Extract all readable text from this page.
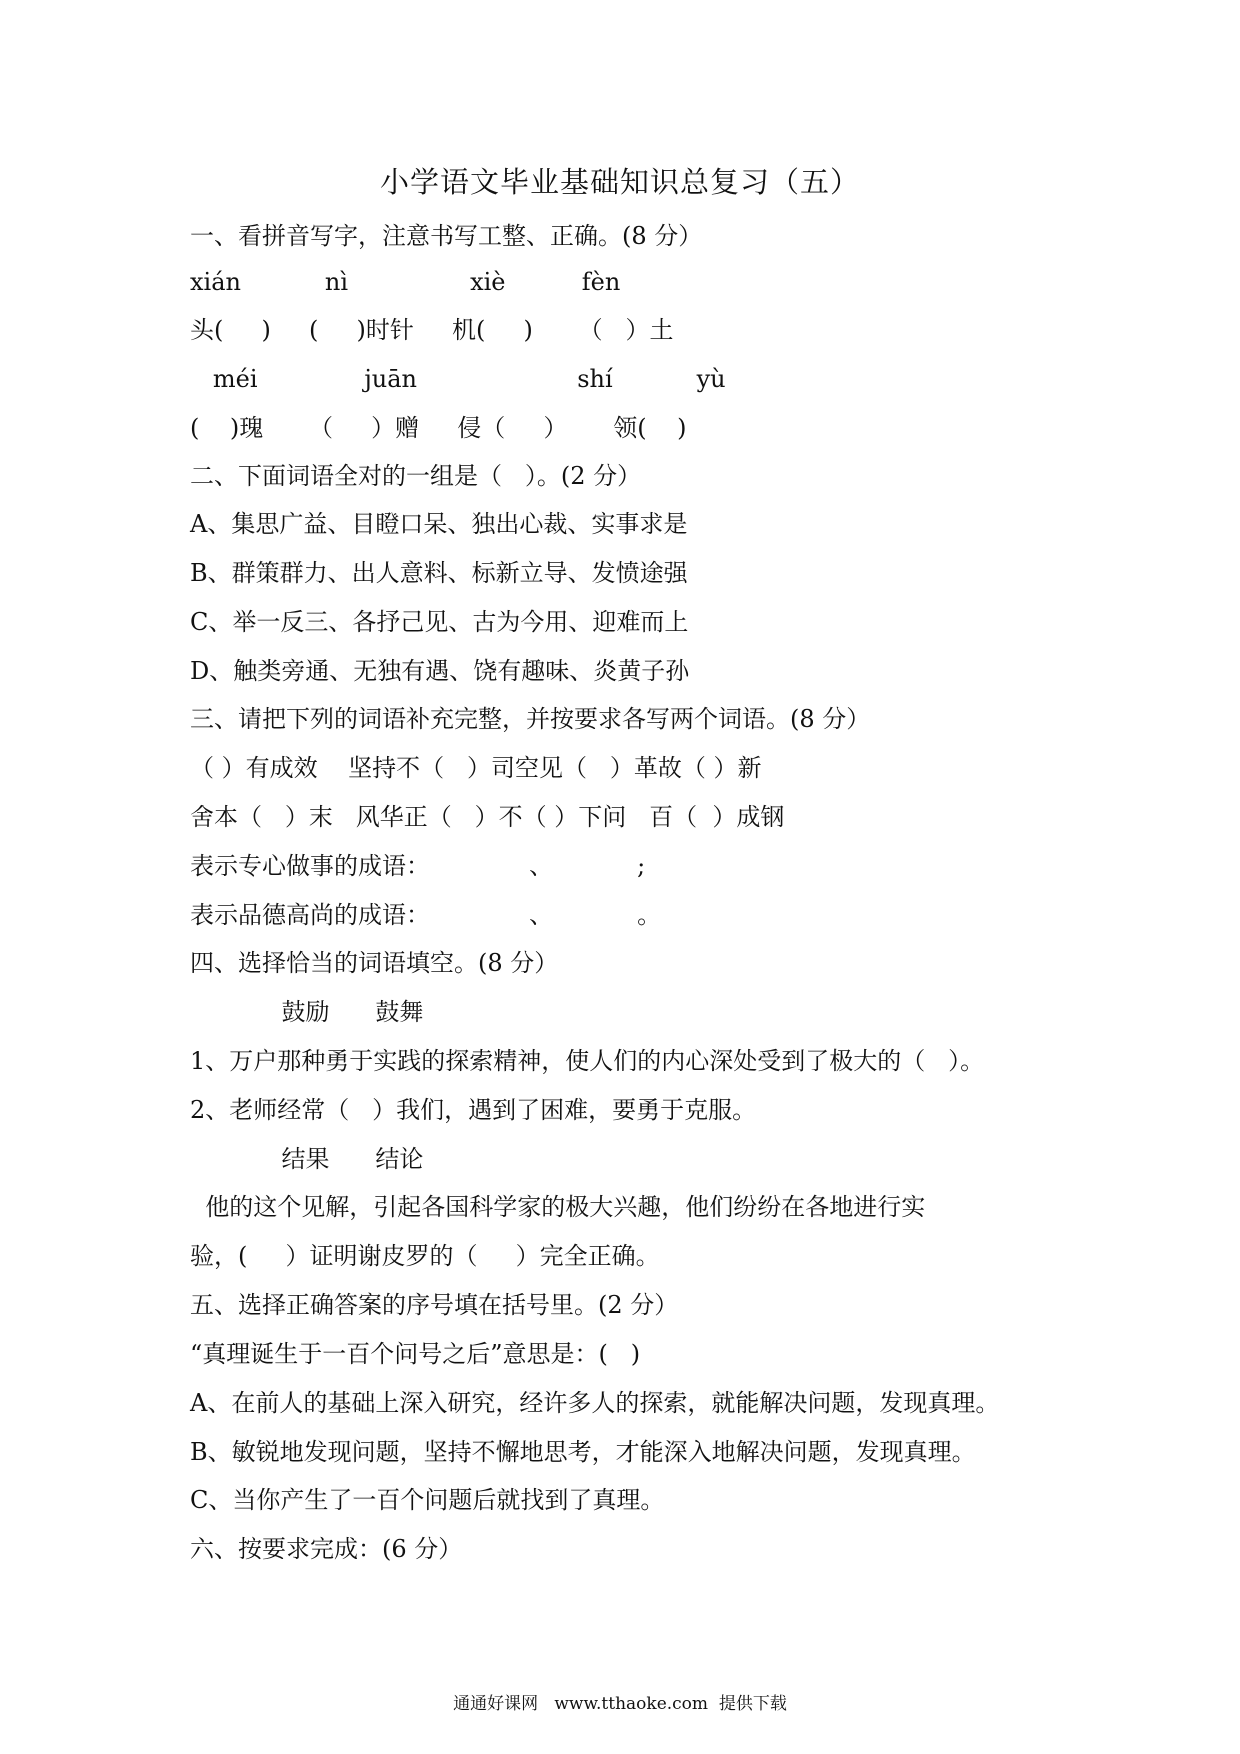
小学语文毕业基础知识总复习（五）
一、看拼音写字，注意书写工整、正确。(8 分）
xián           nì                xiè          fèn
头(     )     (     )时针     机(     )      （   ）土
méi              juān                     shí           yù
(    )瑰      （     ）赠     侵（     ）      领(    )
二、下面词语全对的一组是（   ）。(2 分）
A、集思广益、目瞪口呆、独出心裁、实事求是
B、群策群力、出人意料、标新立导、发愤途强
C、举一反三、各抒己见、古为今用、迎难而上
D、触类旁通、无独有遇、饶有趣味、炎黄子孙
三、请把下列的词语补充完整，并按要求各写两个词语。(8 分）
（ ）有成效    坚持不（   ）司空见（   ）革故（ ）新
舍本（   ）末   风华正（   ）不（ ）下问   百（  ）成钢
表示专心做事的成语：             、           ;
表示品德高尚的成语：             、           。
四、选择恰当的词语填空。(8 分）
鼓励      鼓舞
1、万户那种勇于实践的探索精神，使人们的内心深处受到了极大的（   ）。
2、老师经常（   ）我们，遇到了困难，要勇于克服。
结果      结论
他的这个见解，引起各国科学家的极大兴趣，他们纷纷在各地进行实
验，(     ）证明谢皮罗的（     ）完全正确。
五、选择正确答案的序号填在括号里。(2 分）
“真理诞生于一百个问号之后”意思是：(   )
A、在前人的基础上深入研究，经许多人的探索，就能解决问题，发现真理。
B、敏锐地发现问题，坚持不懈地思考，才能深入地解决问题，发现真理。
C、当你产生了一百个问题后就找到了真理。
六、按要求完成：(6 分）
通通好课网   www.tthaoke.com  提供下载
